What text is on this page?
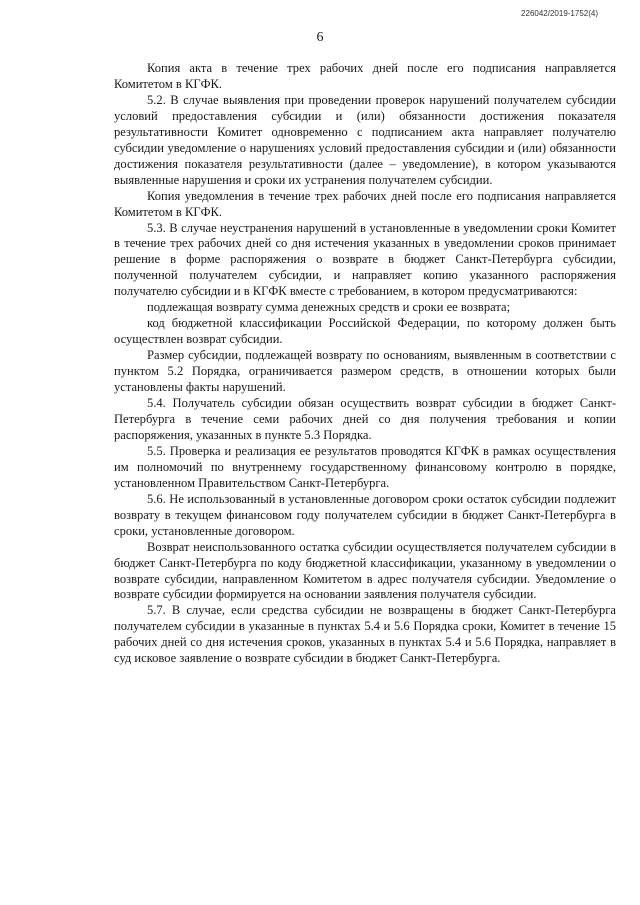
226042/2019-1752(4)
6

Копия акта в течение трех рабочих дней после его подписания направляется Комитетом в КГФК.

5.2. В случае выявления при проведении проверок нарушений получателем субсидии условий предоставления субсидии и (или) обязанности достижения показателя результативности Комитет одновременно с подписанием акта направляет получателю субсидии уведомление о нарушениях условий предоставления субсидии и (или) обязанности достижения показателя результативности (далее – уведомление), в котором указываются выявленные нарушения и сроки их устранения получателем субсидии.

Копия уведомления в течение трех рабочих дней после его подписания направляется Комитетом в КГФК.

5.3. В случае неустранения нарушений в установленные в уведомлении сроки Комитет в течение трех рабочих дней со дня истечения указанных в уведомлении сроков принимает решение в форме распоряжения о возврате в бюджет Санкт-Петербурга субсидии, полученной получателем субсидии, и направляет копию указанного распоряжения получателю субсидии и в КГФК вместе с требованием, в котором предусматриваются:

подлежащая возврату сумма денежных средств и сроки ее возврата;

код бюджетной классификации Российской Федерации, по которому должен быть осуществлен возврат субсидии.

Размер субсидии, подлежащей возврату по основаниям, выявленным в соответствии с пунктом 5.2 Порядка, ограничивается размером средств, в отношении которых были установлены факты нарушений.

5.4. Получатель субсидии обязан осуществить возврат субсидии в бюджет Санкт-Петербурга в течение семи рабочих дней со дня получения требования и копии распоряжения, указанных в пункте 5.3 Порядка.

5.5. Проверка и реализация ее результатов проводятся КГФК в рамках осуществления им полномочий по внутреннему государственному финансовому контролю в порядке, установленном Правительством Санкт-Петербурга.

5.6. Не использованный в установленные договором сроки остаток субсидии подлежит возврату в текущем финансовом году получателем субсидии в бюджет Санкт-Петербурга в сроки, установленные договором.

Возврат неиспользованного остатка субсидии осуществляется получателем субсидии в бюджет Санкт-Петербурга по коду бюджетной классификации, указанному в уведомлении о возврате субсидии, направленном Комитетом в адрес получателя субсидии. Уведомление о возврате субсидии формируется на основании заявления получателя субсидии.

5.7. В случае, если средства субсидии не возвращены в бюджет Санкт-Петербурга получателем субсидии в указанные в пунктах 5.4 и 5.6 Порядка сроки, Комитет в течение 15 рабочих дней со дня истечения сроков, указанных в пунктах 5.4 и 5.6 Порядка, направляет в суд исковое заявление о возврате субсидии в бюджет Санкт-Петербурга.
